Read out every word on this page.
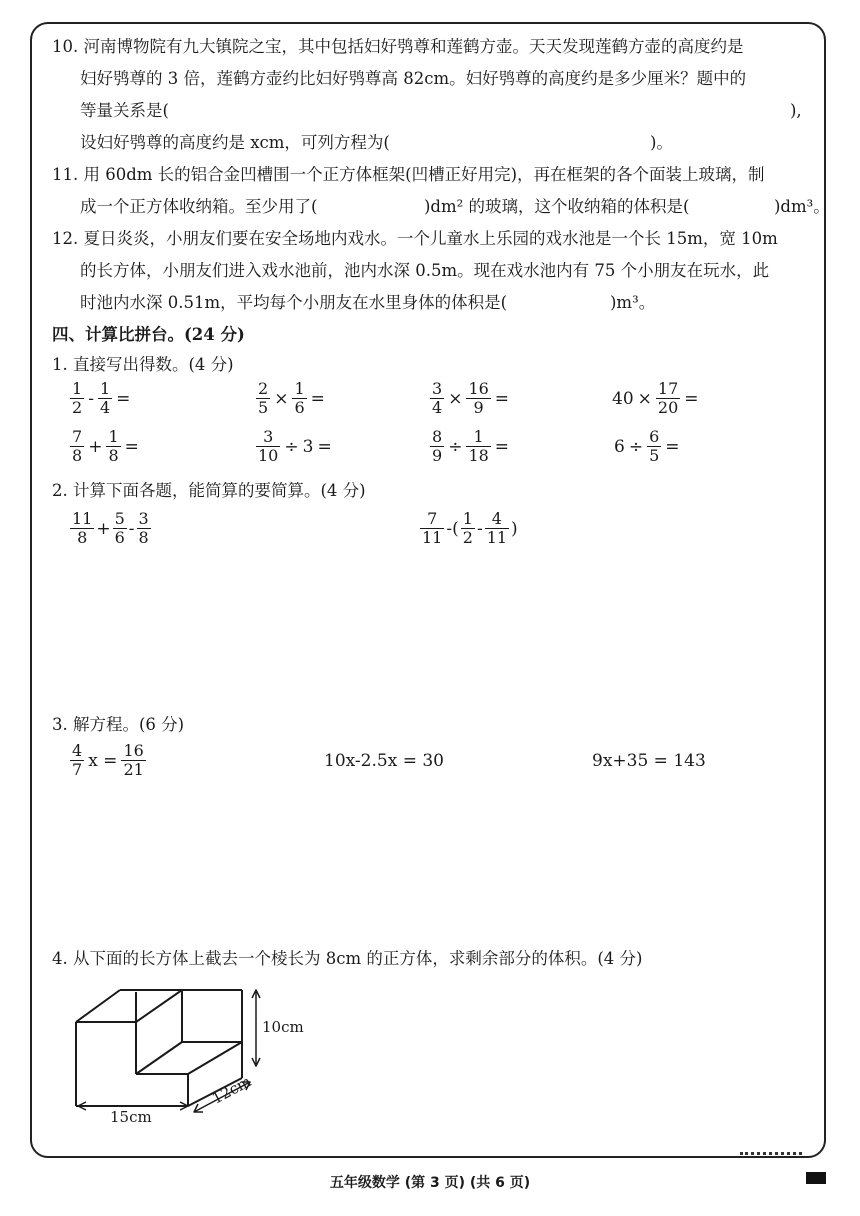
10. 河南博物院有九大镇院之宝，其中包括妇好鸮尊和莲鹤方壶。天天发现莲鹤方壶的高度约是
妇好鸮尊的 3 倍，莲鹤方壶约比妇好鸮尊高 82cm。妇好鸮尊的高度约是多少厘米？题中的
等量关系是(	),
设妇好鸮尊的高度约是 xcm，可列方程为(	)。
11. 用 60dm 长的铝合金凹槽围一个正方体框架(凹槽正好用完)，再在框架的各个面装上玻璃，制
成一个正方体收纳箱。至少用了(	)dm² 的玻璃，这个收纳箱的体积是(	)dm³。
12. 夏日炎炎，小朋友们要在安全场地内戏水。一个儿童水上乐园的戏水池是一个长 15m，宽 10m
的长方体，小朋友们进入戏水池前，池内水深 0.5m。现在戏水池内有 75 个小朋友在玩水，此
时池内水深 0.51m，平均每个小朋友在水里身体的体积是(	)m³。
四、计算比拼台。(24 分)
1. 直接写出得数。(4 分)
$\frac{1}{2} - \frac{1}{4}$ =	$\frac{2}{5} \times \frac{1}{6}$ =	$\frac{3}{4} \times \frac{16}{9}$ =	$40 \times \frac{17}{20}$ =
$\frac{7}{8} + \frac{1}{8}$ =	$\frac{3}{10} \div 3$ =	$\frac{8}{9} \div \frac{1}{18}$ =	$6 \div \frac{6}{5}$ =
2. 计算下面各题，能简算的要简算。(4 分)
$\frac{11}{8} + \frac{5}{6} - \frac{3}{8}$	$\frac{7}{11}$ -( $\frac{1}{2} - \frac{4}{11}$ )
3. 解方程。(6 分)
$\frac{4}{7}$ $x = \frac{16}{21}$	10x-2.5x = 30	9x+35 = 143
4. 从下面的长方体上截去一个棱长为 8cm 的正方体，求剩余部分的体积。(4 分)
10cm
15cm
12cm
五年级数学 (第 3 页) (共 6 页)
